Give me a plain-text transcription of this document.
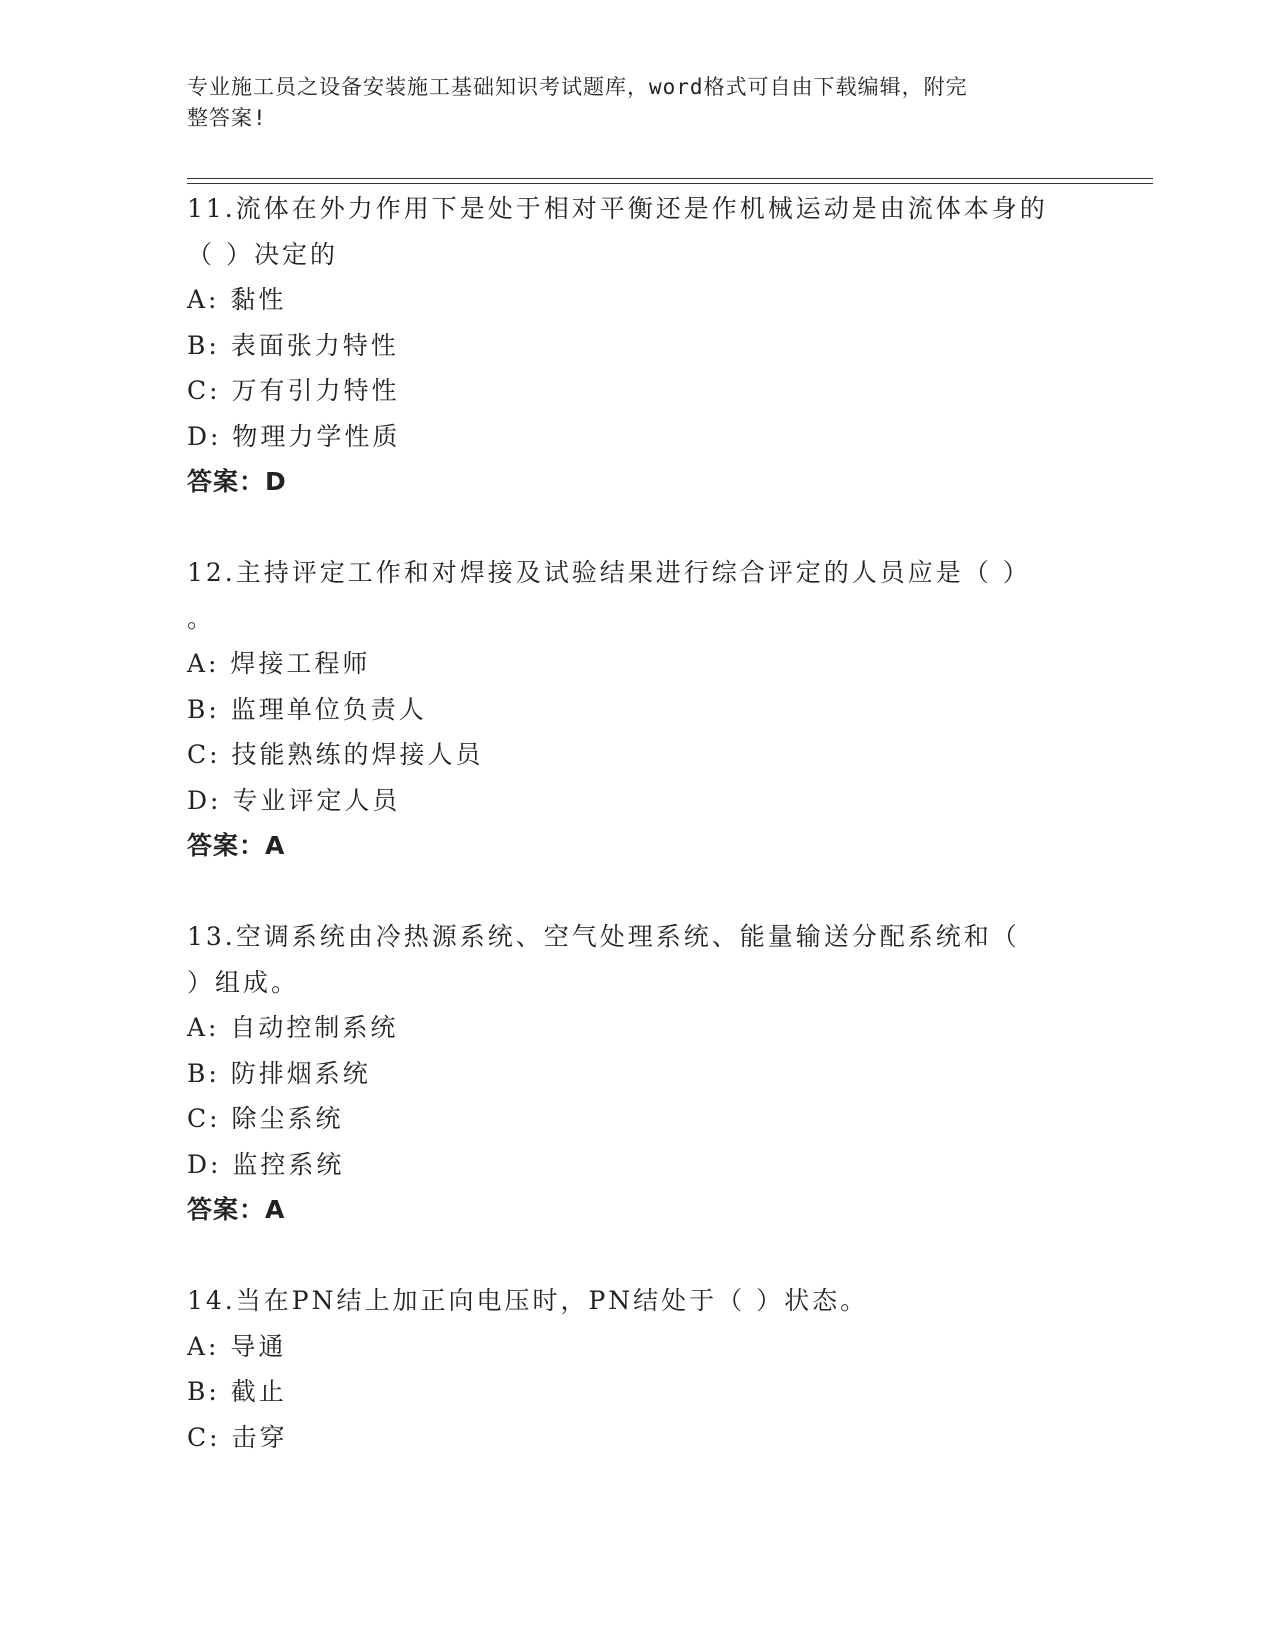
专业施工员之设备安装施工基础知识考试题库，word格式可自由下载编辑，附完
整答案!
11.流体在外力作用下是处于相对平衡还是作机械运动是由流体本身的
（ ）决定的
A: 黏性
B: 表面张力特性
C: 万有引力特性
D: 物理力学性质
答案：D
12.主持评定工作和对焊接及试验结果进行综合评定的人员应是（ ）
。
A: 焊接工程师
B: 监理单位负责人
C: 技能熟练的焊接人员
D: 专业评定人员
答案：A
13.空调系统由冷热源系统、空气处理系统、能量输送分配系统和（
）组成。
A: 自动控制系统
B: 防排烟系统
C: 除尘系统
D: 监控系统
答案：A
14.当在PN结上加正向电压时，PN结处于（ ）状态。
A: 导通
B: 截止
C: 击穿
